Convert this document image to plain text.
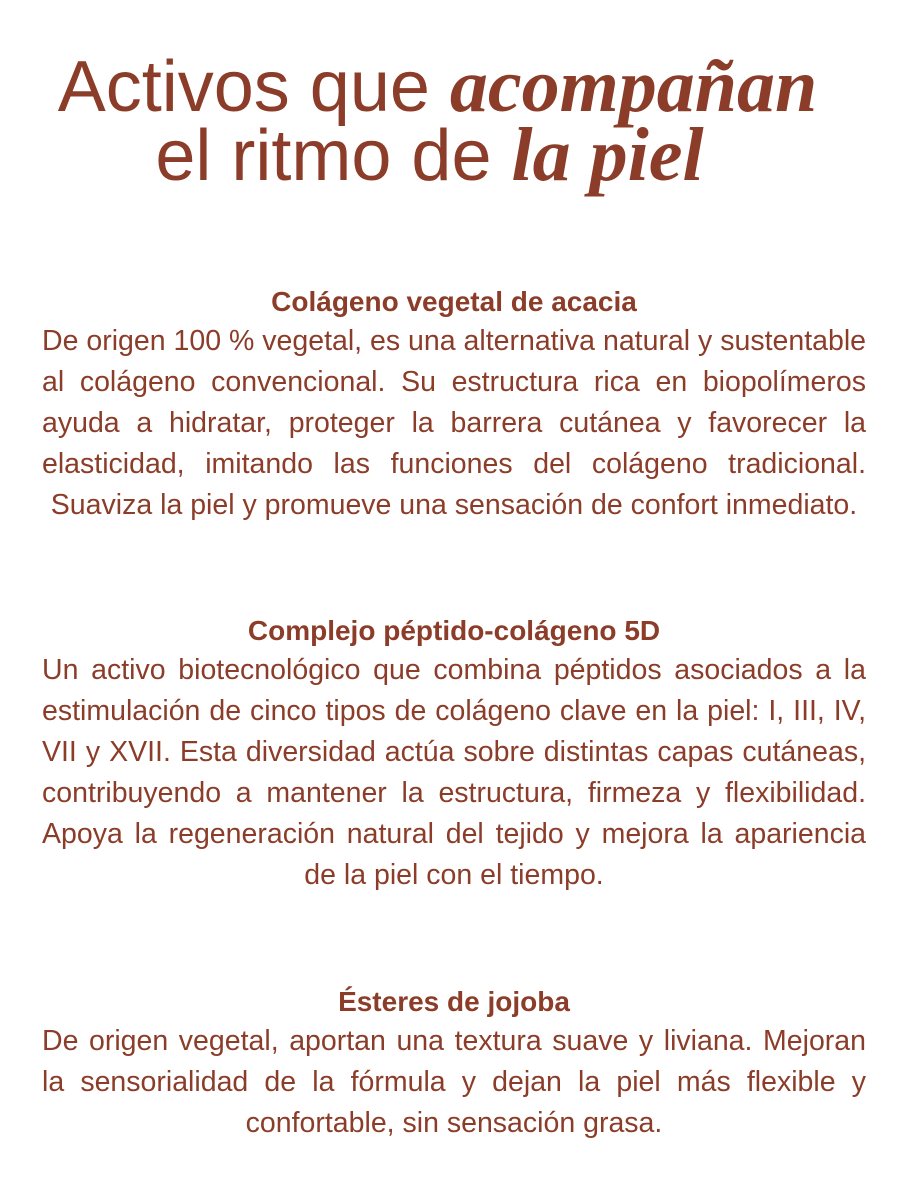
Activos que acompañan
el ritmo de la piel
Colágeno vegetal de acacia

De origen 100 % vegetal, es una alternativa natural y sustentable al colágeno convencional. Su estructura rica en biopolímeros ayuda a hidratar, proteger la barrera cutánea y favorecer la elasticidad, imitando las funciones del colágeno tradicional. Suaviza la piel y promueve una sensación de confort inmediato.

Complejo péptido-colágeno 5D

Un activo biotecnológico que combina péptidos asociados a la estimulación de cinco tipos de colágeno clave en la piel: I, III, IV, VII y XVII. Esta diversidad actúa sobre distintas capas cutáneas, contribuyendo a mantener la estructura, firmeza y flexibilidad. Apoya la regeneración natural del tejido y mejora la apariencia de la piel con el tiempo.

Ésteres de jojoba

De origen vegetal, aportan una textura suave y liviana. Mejoran la sensorialidad de la fórmula y dejan la piel más flexible y confortable, sin sensación grasa.
